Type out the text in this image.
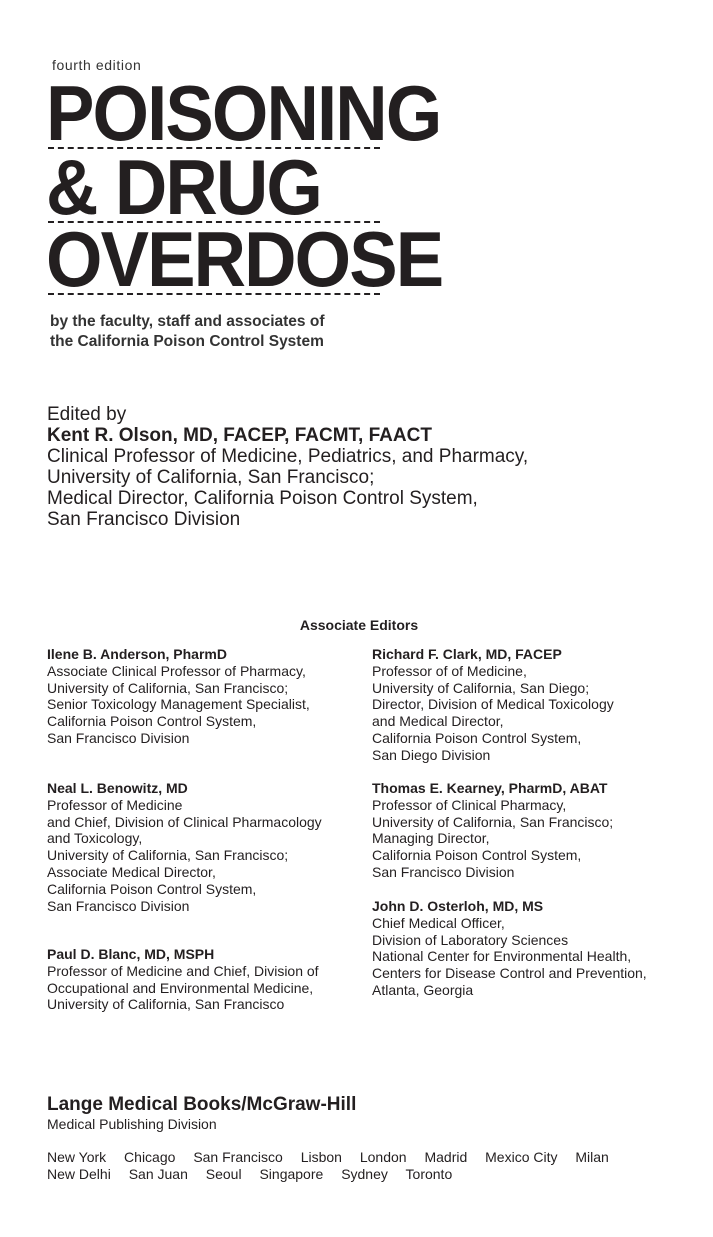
fourth edition
POISONING
& DRUG
OVERDOSE
by the faculty, staff and associates of
the California Poison Control System
Edited by
Kent R. Olson, MD, FACEP, FACMT, FAACT
Clinical Professor of Medicine, Pediatrics, and Pharmacy,
University of California, San Francisco;
Medical Director, California Poison Control System,
San Francisco Division
Associate Editors
Ilene B. Anderson, PharmD
Associate Clinical Professor of Pharmacy,
University of California, San Francisco;
Senior Toxicology Management Specialist,
California Poison Control System,
San Francisco Division
Neal L. Benowitz, MD
Professor of Medicine
and Chief, Division of Clinical Pharmacology
and Toxicology,
University of California, San Francisco;
Associate Medical Director,
California Poison Control System,
San Francisco Division
Paul D. Blanc, MD, MSPH
Professor of Medicine and Chief, Division of
Occupational and Environmental Medicine,
University of California, San Francisco
Richard F. Clark, MD, FACEP
Professor of of Medicine,
University of California, San Diego;
Director, Division of Medical Toxicology
and Medical Director,
California Poison Control System,
San Diego Division
Thomas E. Kearney, PharmD, ABAT
Professor of Clinical Pharmacy,
University of California, San Francisco;
Managing Director,
California Poison Control System,
San Francisco Division
John D. Osterloh, MD, MS
Chief Medical Officer,
Division of Laboratory Sciences
National Center for Environmental Health,
Centers for Disease Control and Prevention,
Atlanta, Georgia
Lange Medical Books/McGraw-Hill
Medical Publishing Division
New York Chicago San Francisco Lisbon London Madrid Mexico City Milan
New Delhi San Juan Seoul Singapore Sydney Toronto
